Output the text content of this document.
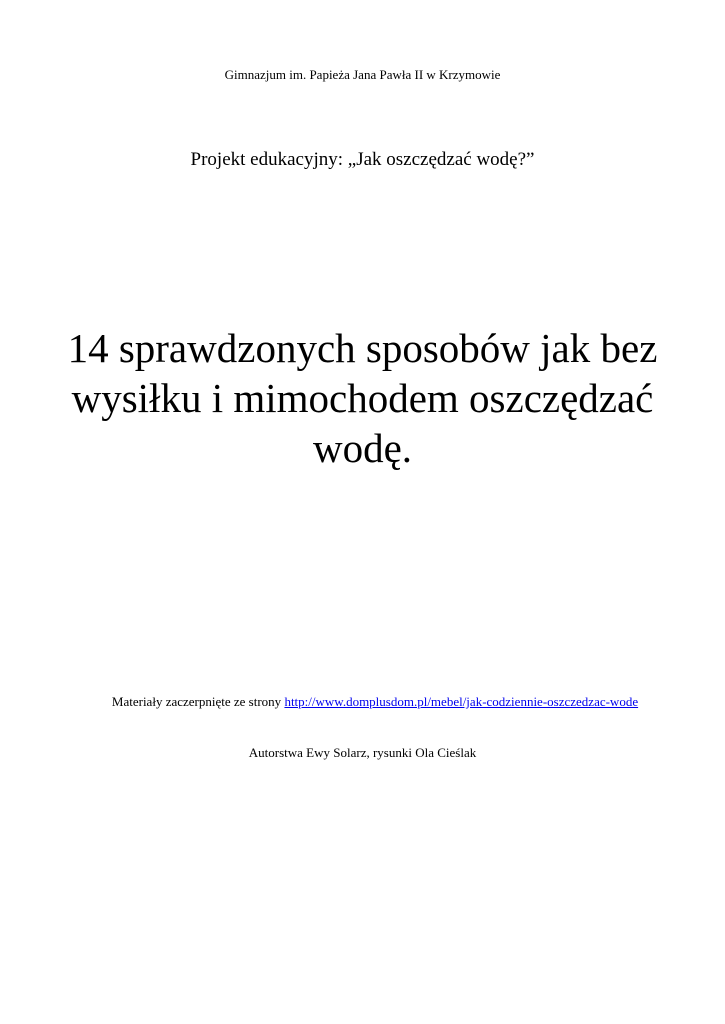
Gimnazjum im. Papieża Jana Pawła II w Krzymowie
Projekt edukacyjny: „Jak oszczędzać wodę?”
14 sprawdzonych sposobów jak bez wysiłku i mimochodem oszczędzać wodę.
Materiały zaczerpnięte ze strony http://www.domplusdom.pl/mebel/jak-codziennie-oszczedzac-wode
Autorstwa Ewy Solarz, rysunki Ola Cieślak
